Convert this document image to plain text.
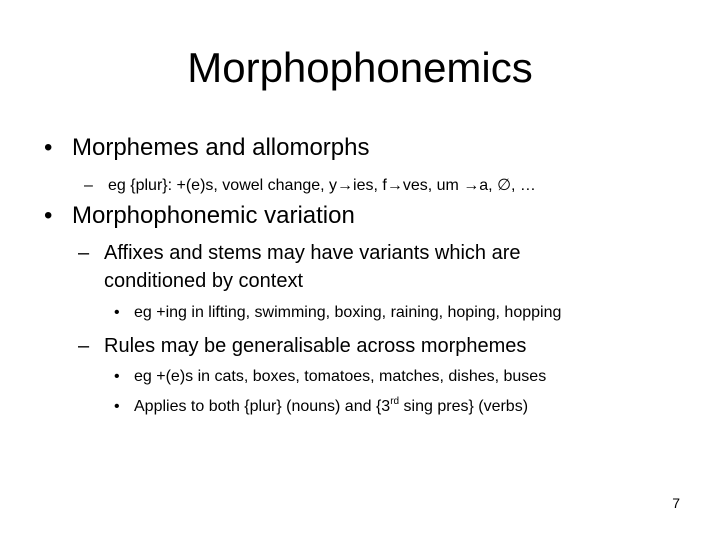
Morphophonemics
• Morphemes and allomorphs
– eg {plur}: +(e)s, vowel change, y→ies, f→ves, um →a, ∅, …
• Morphophonemic variation
– Affixes and stems may have variants which are
conditioned by context
• eg +ing in lifting, swimming, boxing, raining, hoping, hopping
– Rules may be generalisable across morphemes
• eg +(e)s in cats, boxes, tomatoes, matches, dishes, buses
• Applies to both {plur} (nouns) and {3rd sing pres} (verbs)
7
